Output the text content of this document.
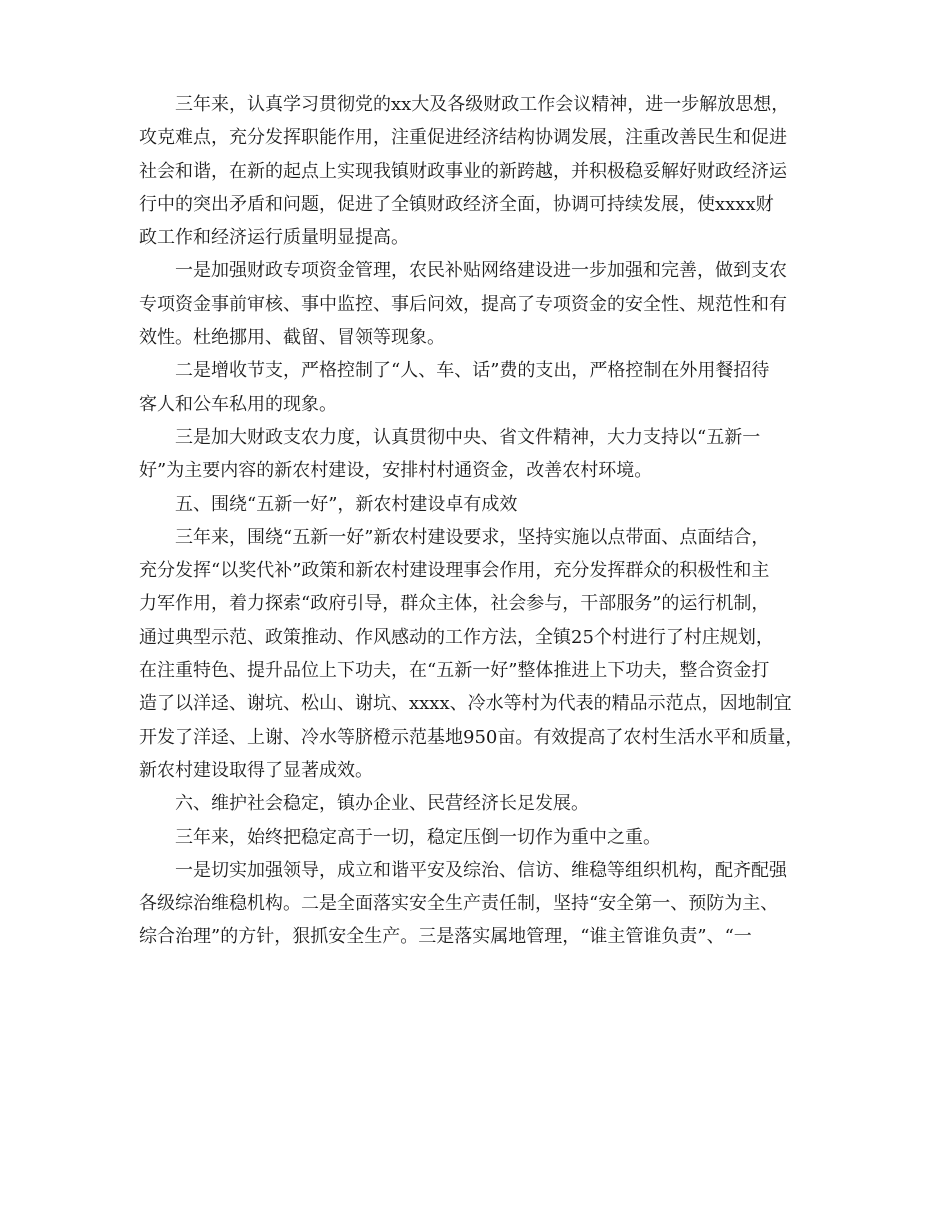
三年来，认真学习贯彻党的xx大及各级财政工作会议精神，进一步解放思想，
攻克难点，充分发挥职能作用，注重促进经济结构协调发展，注重改善民生和促进
社会和谐，在新的起点上实现我镇财政事业的新跨越，并积极稳妥解好财政经济运
行中的突出矛盾和问题，促进了全镇财政经济全面，协调可持续发展，使xxxx财
政工作和经济运行质量明显提高。

一是加强财政专项资金管理，农民补贴网络建设进一步加强和完善，做到支农
专项资金事前审核、事中监控、事后问效，提高了专项资金的安全性、规范性和有
效性。杜绝挪用、截留、冒领等现象。

二是增收节支，严格控制了“人、车、话”费的支出，严格控制在外用餐招待
客人和公车私用的现象。

三是加大财政支农力度，认真贯彻中央、省文件精神，大力支持以“五新一
好”为主要内容的新农村建设，安排村村通资金，改善农村环境。

五、围绕“五新一好”，新农村建设卓有成效

三年来，围绕“五新一好”新农村建设要求，坚持实施以点带面、点面结合，
充分发挥“以奖代补”政策和新农村建设理事会作用，充分发挥群众的积极性和主
力军作用，着力探索“政府引导，群众主体，社会参与，干部服务”的运行机制，
通过典型示范、政策推动、作风感动的工作方法，全镇25个村进行了村庄规划，
在注重特色、提升品位上下功夫，在“五新一好”整体推进上下功夫，整合资金打
造了以洋迳、谢坑、松山、谢坑、xxxx、冷水等村为代表的精品示范点，因地制宜
开发了洋迳、上谢、冷水等脐橙示范基地950亩。有效提高了农村生活水平和质量，
新农村建设取得了显著成效。

六、维护社会稳定，镇办企业、民营经济长足发展。

三年来，始终把稳定高于一切，稳定压倒一切作为重中之重。

一是切实加强领导，成立和谐平安及综治、信访、维稳等组织机构，配齐配强
各级综治维稳机构。二是全面落实安全生产责任制，坚持“安全第一、预防为主、
综合治理”的方针，狠抓安全生产。三是落实属地管理，“谁主管谁负责”、“一
